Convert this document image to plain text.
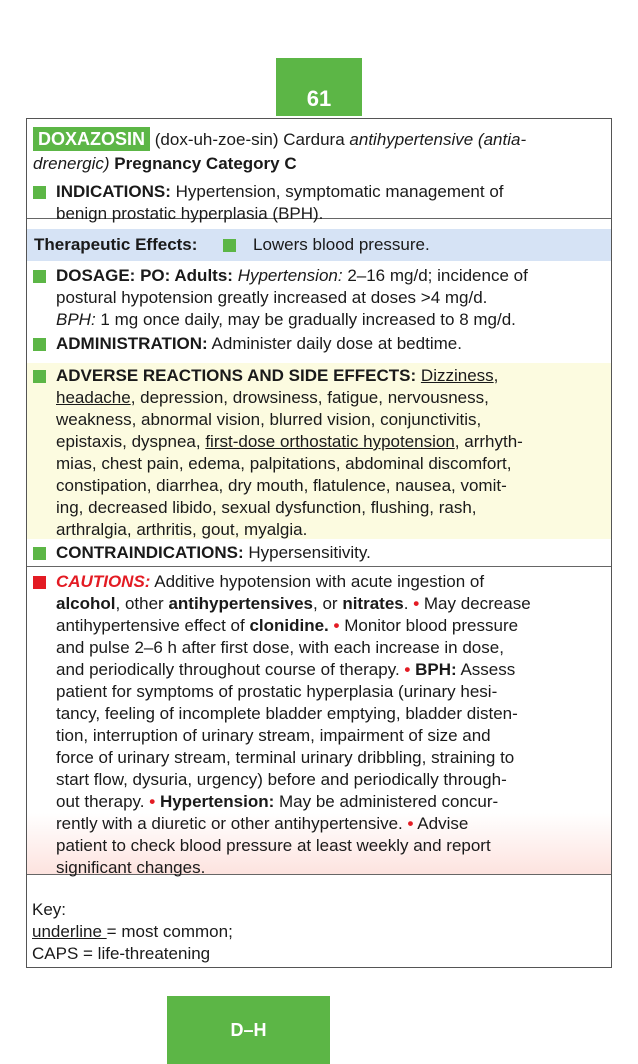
61
DOXAZOSIN (dox-uh-zoe-sin) Cardura antihypertensive (antia-
drenergic) Pregnancy Category C
INDICATIONS: Hypertension, symptomatic management of
benign prostatic hyperplasia (BPH).
Therapeutic Effects:	Lowers blood pressure.
DOSAGE: PO: Adults: Hypertension: 2–16 mg/d; incidence of
postural hypotension greatly increased at doses >4 mg/d.
BPH: 1 mg once daily, may be gradually increased to 8 mg/d.
ADMINISTRATION: Administer daily dose at bedtime.
ADVERSE REACTIONS AND SIDE EFFECTS: Dizziness,
headache, depression, drowsiness, fatigue, nervousness,
weakness, abnormal vision, blurred vision, conjunctivitis,
epistaxis, dyspnea, first-dose orthostatic hypotension, arrhyth-
mias, chest pain, edema, palpitations, abdominal discomfort,
constipation, diarrhea, dry mouth, flatulence, nausea, vomit-
ing, decreased libido, sexual dysfunction, flushing, rash,
arthralgia, arthritis, gout, myalgia.
CONTRAINDICATIONS: Hypersensitivity.
CAUTIONS: Additive hypotension with acute ingestion of
alcohol, other antihypertensives, or nitrates. • May decrease
antihypertensive effect of clonidine. • Monitor blood pressure
and pulse 2–6 h after first dose, with each increase in dose,
and periodically throughout course of therapy. • BPH: Assess
patient for symptoms of prostatic hyperplasia (urinary hesi-
tancy, feeling of incomplete bladder emptying, bladder disten-
tion, interruption of urinary stream, impairment of size and
force of urinary stream, terminal urinary dribbling, straining to
start flow, dysuria, urgency) before and periodically through-
out therapy. • Hypertension: May be administered concur-
rently with a diuretic or other antihypertensive. • Advise
patient to check blood pressure at least weekly and report
significant changes.
Key:
underline = most common;
CAPS = life-threatening
D–H
